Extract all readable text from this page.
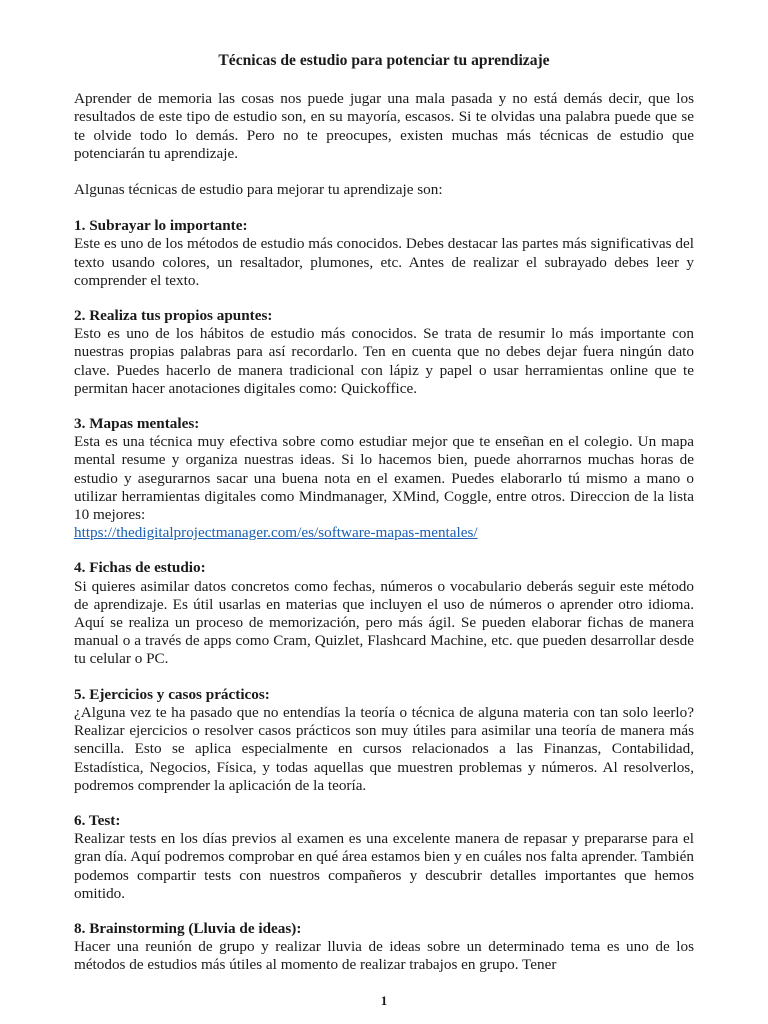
Técnicas de estudio para potenciar tu aprendizaje

Aprender de memoria las cosas nos puede jugar una mala pasada y no está demás decir, que los resultados de este tipo de estudio son, en su mayoría, escasos. Si te olvidas una palabra puede que se te olvide todo lo demás. Pero no te preocupes, existen muchas más técnicas de estudio que potenciarán tu aprendizaje.

Algunas técnicas de estudio para mejorar tu aprendizaje son:

1. Subrayar lo importante:

Este es uno de los métodos de estudio más conocidos. Debes destacar las partes más significativas del texto usando colores, un resaltador, plumones, etc. Antes de realizar el subrayado debes leer y comprender el texto.

2. Realiza tus propios apuntes:

Esto es uno de los hábitos de estudio más conocidos. Se trata de resumir lo más importante con nuestras propias palabras para así recordarlo. Ten en cuenta que no debes dejar fuera ningún dato clave. Puedes hacerlo de manera tradicional con lápiz y papel o usar herramientas online que te permitan hacer anotaciones digitales como: Quickoffice.

3. Mapas mentales:

Esta es una técnica muy efectiva sobre como estudiar mejor que te enseñan en el colegio. Un mapa mental resume y organiza nuestras ideas. Si lo hacemos bien, puede ahorrarnos muchas horas de estudio y asegurarnos sacar una buena nota en el examen. Puedes elaborarlo tú mismo a mano o utilizar herramientas digitales como Mindmanager, XMind, Coggle, entre otros. Direccion de la lista 10 mejores:

https://thedigitalprojectmanager.com/es/software-mapas-mentales/

4. Fichas de estudio:

Si quieres asimilar datos concretos como fechas, números o vocabulario deberás seguir este método de aprendizaje. Es útil usarlas en materias que incluyen el uso de números o aprender otro idioma. Aquí se realiza un proceso de memorización, pero más ágil. Se pueden elaborar fichas de manera manual o a través de apps como Cram, Quizlet, Flashcard Machine, etc. que pueden desarrollar desde tu celular o PC.

5. Ejercicios y casos prácticos:

¿Alguna vez te ha pasado que no entendías la teoría o técnica de alguna materia con tan solo leerlo? Realizar ejercicios o resolver casos prácticos son muy útiles para asimilar una teoría de manera más sencilla. Esto se aplica especialmente en cursos relacionados a las Finanzas, Contabilidad, Estadística, Negocios, Física, y todas aquellas que muestren problemas y números. Al resolverlos, podremos comprender la aplicación de la teoría.

6. Test:

Realizar tests en los días previos al examen es una excelente manera de repasar y prepararse para el gran día. Aquí podremos comprobar en qué área estamos bien y en cuáles nos falta aprender. También podemos compartir tests con nuestros compañeros y descubrir detalles importantes que hemos omitido.

8. Brainstorming (Lluvia de ideas):

Hacer una reunión de grupo y realizar lluvia de ideas sobre un determinado tema es uno de los métodos de estudios más útiles al momento de realizar trabajos en grupo. Tener

1
